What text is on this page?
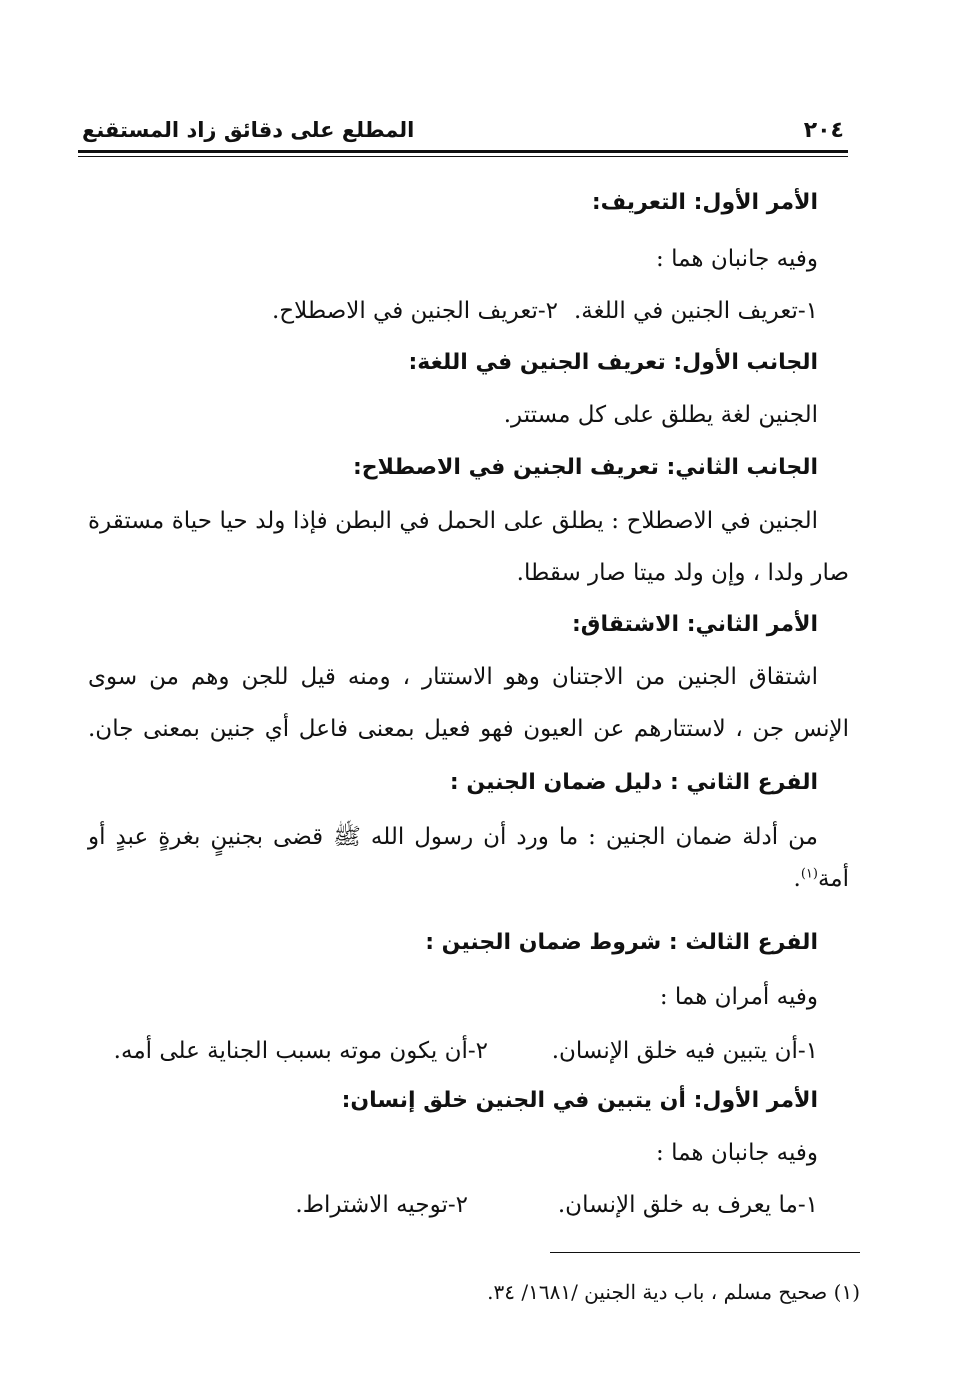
٢٠٤
المطلع على دقائق زاد المستقنع
الأمر الأول: التعريف:
وفيه جانبان هما :
١-تعريف الجنين في اللغة.
٢-تعريف الجنين في الاصطلاح.
الجانب الأول: تعريف الجنين في اللغة:
الجنين لغة يطلق على كل مستتر.
الجانب الثاني: تعريف الجنين في الاصطلاح:
الجنين في الاصطلاح : يطلق على الحمل في البطن فإذا ولد حيا حياة مستقرة
صار ولدا ، وإن ولد ميتا صار سقطا.
الأمر الثاني: الاشتقاق:
اشتقاق الجنين من الاجتنان وهو الاستتار ، ومنه قيل للجن وهم من سوى
الإنس جن ، لاستتارهم عن العيون فهو فعيل بمعنى فاعل أي جنين بمعنى جان.
الفرع الثاني : دليل ضمان الجنين :
من أدلة ضمان الجنين : ما ورد أن رسول الله ﷺ قضى بجنينٍ بغرةٍ عبدٍ أو
أمة$^{(١)}$.
الفرع الثالث : شروط ضمان الجنين :
وفيه أمران هما :
١-أن يتبين فيه خلق الإنسان.
٢-أن يكون موته بسبب الجناية على أمه.
الأمر الأول: أن يتبين في الجنين خلق إنسان:
وفيه جانبان هما :
١-ما يعرف به خلق الإنسان.
٢-توجيه الاشتراط.
(١) صحيح مسلم ، باب دية الجنين /١٦٨١/ ٣٤.
